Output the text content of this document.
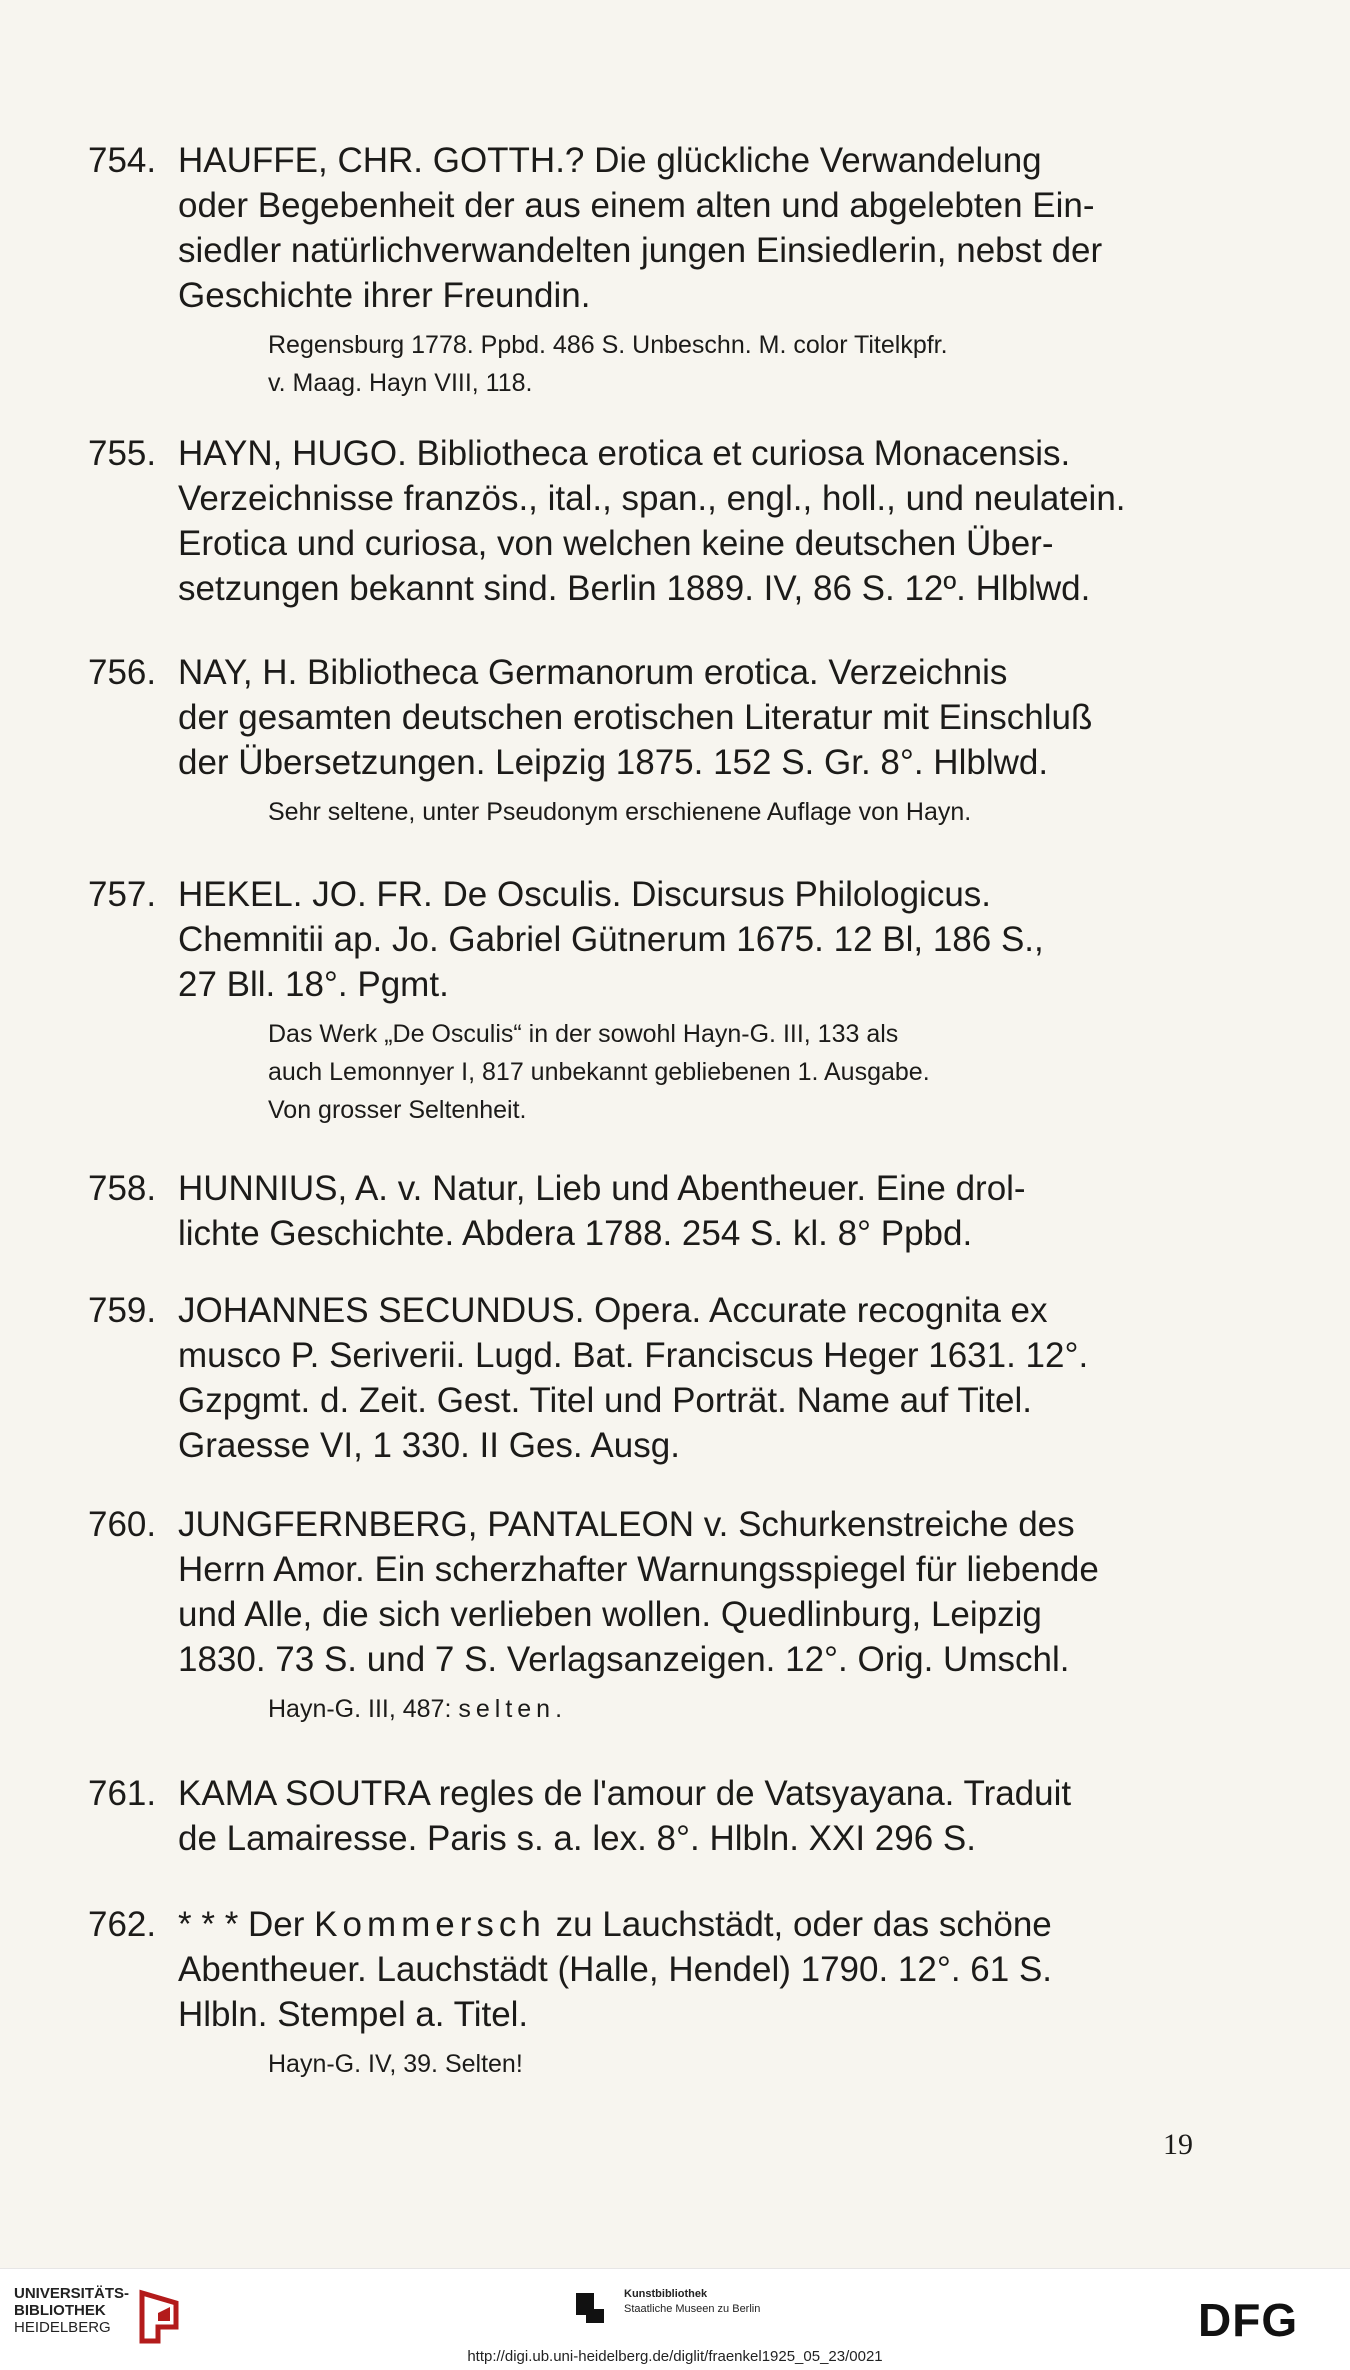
754. HAUFFE, CHR. GOTTH.? Die glückliche Verwandelung
oder Begebenheit der aus einem alten und abgelebten Ein-
siedler natürlichverwandelten jungen Einsiedlerin, nebst der
Geschichte ihrer Freundin.

Regensburg 1778. Ppbd. 486 S. Unbeschn. M. color Titelkpfr.
v. Maag. Hayn VIII, 118.

755. HAYN, HUGO. Bibliotheca erotica et curiosa Monacensis.
Verzeichnisse französ., ital., span., engl., holl., und neulatein.
Erotica und curiosa, von welchen keine deutschen Über-
setzungen bekannt sind. Berlin 1889. IV, 86 S. 12º. Hlblwd.

756. NAY, H. Bibliotheca Germanorum erotica. Verzeichnis
der gesamten deutschen erotischen Literatur mit Einschluß
der Übersetzungen. Leipzig 1875. 152 S. Gr. 8°. Hlblwd.

Sehr seltene, unter Pseudonym erschienene Auflage von Hayn.

757. HEKEL. JO. FR. De Osculis. Discursus Philologicus.
Chemnitii ap. Jo. Gabriel Gütnerum 1675. 12 Bl, 186 S.,
27 Bll. 18°. Pgmt.

Das Werk „De Osculis“ in der sowohl Hayn-G. III, 133 als
auch Lemonnyer I, 817 unbekannt gebliebenen 1. Ausgabe.
Von grosser Seltenheit.

758. HUNNIUS, A. v. Natur, Lieb und Abentheuer. Eine drol-
lichte Geschichte. Abdera 1788. 254 S. kl. 8° Ppbd.

759. JOHANNES SECUNDUS. Opera. Accurate recognita ex
musco P. Seriverii. Lugd. Bat. Franciscus Heger 1631. 12°.
Gzpgmt. d. Zeit. Gest. Titel und Porträt. Name auf Titel.
Graesse VI, 1 330. II Ges. Ausg.

760. JUNGFERNBERG, PANTALEON v. Schurkenstreiche des
Herrn Amor. Ein scherzhafter Warnungsspiegel für liebende
und Alle, die sich verlieben wollen. Quedlinburg, Leipzig
1830. 73 S. und 7 S. Verlagsanzeigen. 12°. Orig. Umschl.

Hayn-G. III, 487: selten.

761. KAMA SOUTRA regles de l'amour de Vatsyayana. Traduit
de Lamairesse. Paris s. a. lex. 8°. Hlbln. XXI 296 S.

762. * * * Der Kommersch zu Lauchstädt, oder das schöne
Abentheuer. Lauchstädt (Halle, Hendel) 1790. 12°. 61 S.
Hlbln. Stempel a. Titel.

Hayn-G. IV, 39. Selten!
19
UNIVERSITÄTS-
BIBLIOTHEK
HEIDELBERG
Kunstbibliothek
Staatliche Museen zu Berlin	DFG
http://digi.ub.uni-heidelberg.de/diglit/fraenkel1925_05_23/0021
